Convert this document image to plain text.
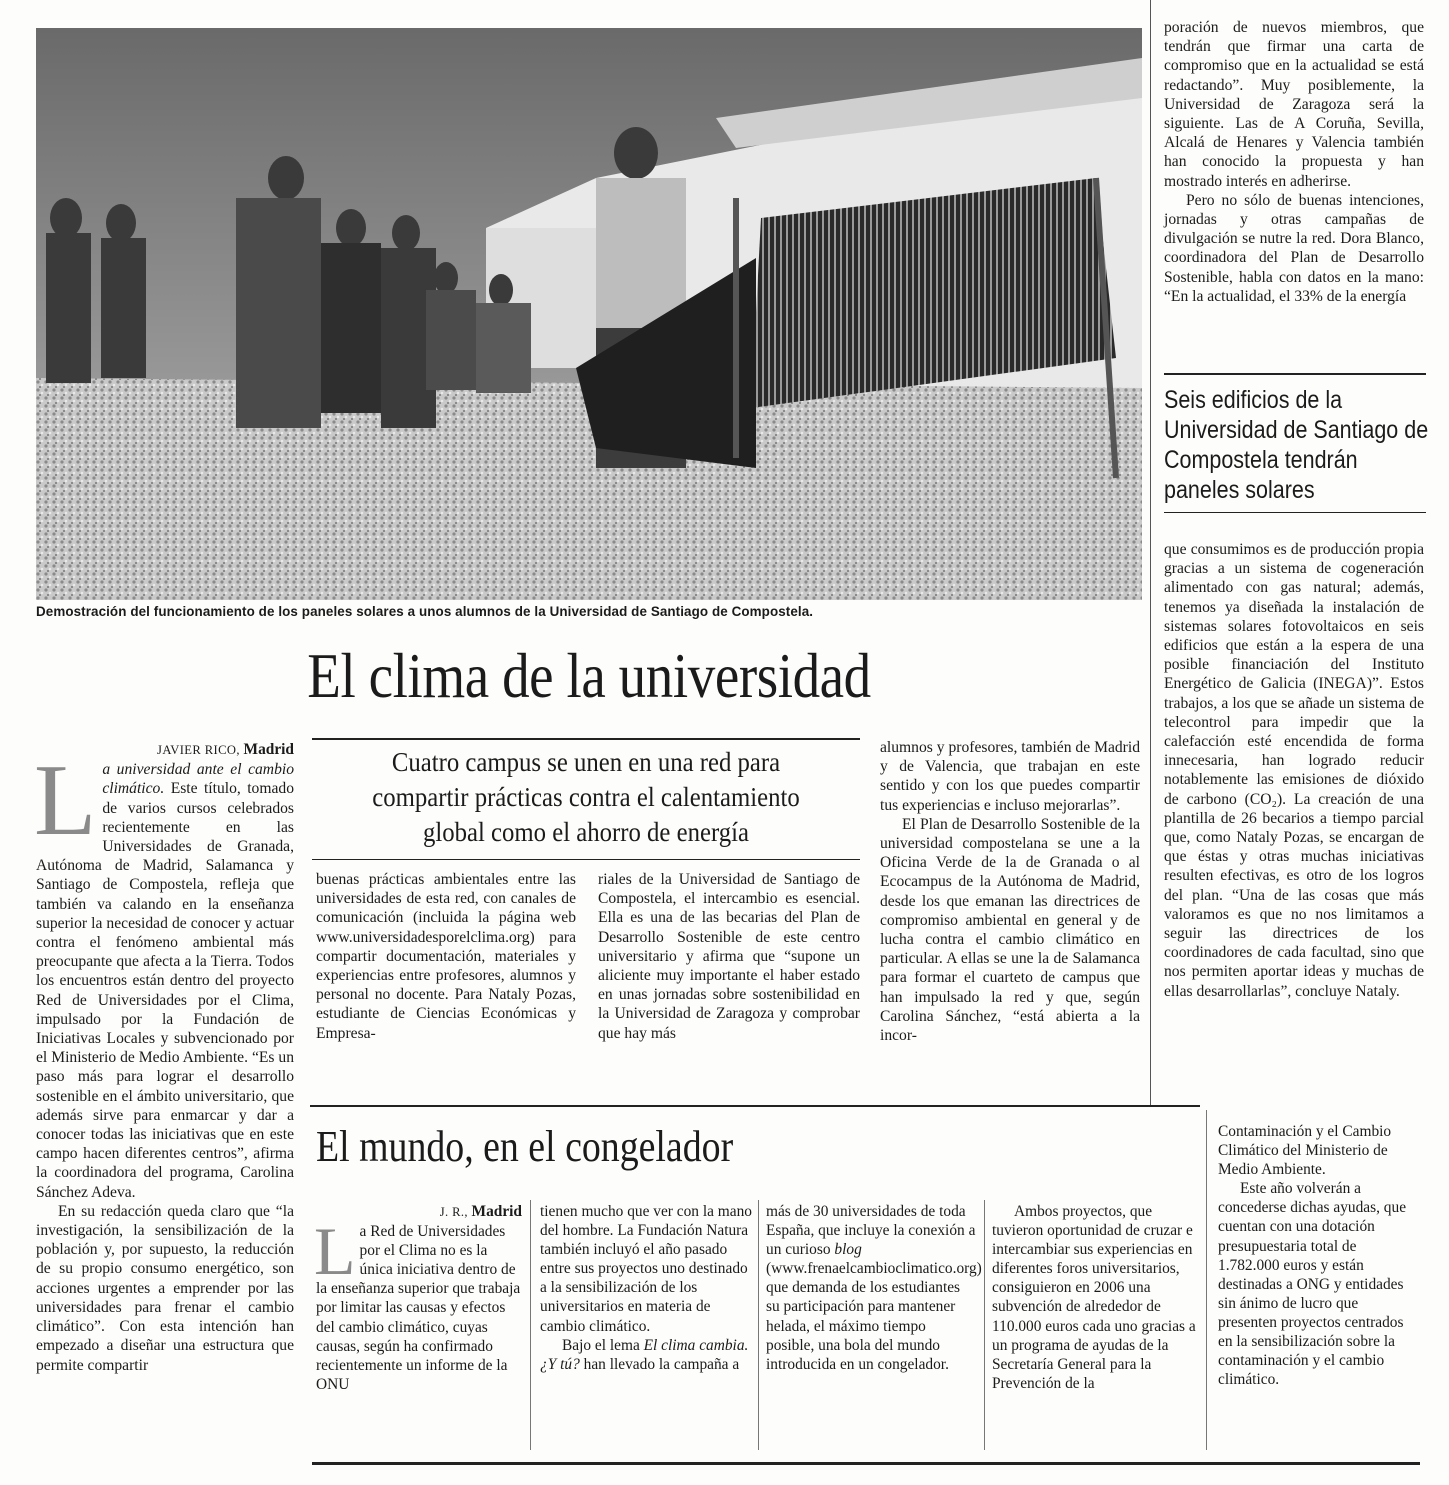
Demostración del funcionamiento de los paneles solares a unos alumnos de la Universidad de Santiago de Compostela.
El clima de la universidad
Cuatro campus se unen en una red para
compartir prácticas contra el calentamiento
global como el ahorro de energía
JAVIER RICO, Madrid

L a universidad ante el cambio climático. Este título, tomado de varios cursos celebrados recientemente en las Universidades de Granada, Autónoma de Madrid, Salamanca y Santiago de Compostela, refleja que también va calando en la enseñanza superior la necesidad de conocer y actuar contra el fenómeno ambiental más preocupante que afecta a la Tierra. Todos los encuentros están dentro del proyecto Red de Universidades por el Clima, impulsado por la Fundación de Iniciativas Locales y subvencionado por el Ministerio de Medio Ambiente. “Es un paso más para lograr el desarrollo sostenible en el ámbito universitario, que además sirve para enmarcar y dar a conocer todas las iniciativas que en este campo hacen diferentes centros”, afirma la coordinadora del programa, Carolina Sánchez Adeva.

En su redacción queda claro que “la investigación, la sensibilización de la población y, por supuesto, la reducción de su propio consumo energético, son acciones urgentes a emprender por las universidades para frenar el cambio climático”. Con esta intención han empezado a diseñar una estructura que permite compartir

buenas prácticas ambientales entre las universidades de esta red, con canales de comunicación (incluida la página web www.universidadesporelclima.org) para compartir documentación, materiales y experiencias entre profesores, alumnos y personal no docente. Para Nataly Pozas, estudiante de Ciencias Económicas y Empresa-

riales de la Universidad de Santiago de Compostela, el intercambio es esencial. Ella es una de las becarias del Plan de Desarrollo Sostenible de este centro universitario y afirma que “supone un aliciente muy importante el haber estado en unas jornadas sobre sostenibilidad en la Universidad de Zaragoza y comprobar que hay más

alumnos y profesores, también de Madrid y de Valencia, que trabajan en este sentido y con los que puedes compartir tus experiencias e incluso mejorarlas”.

El Plan de Desarrollo Sostenible de la universidad compostelana se une a la Oficina Verde de la de Granada o al Ecocampus de la Autónoma de Madrid, desde los que emanan las directrices de compromiso ambiental en general y de lucha contra el cambio climático en particular. A ellas se une la de Salamanca para formar el cuarteto de campus que han impulsado la red y que, según Carolina Sánchez, “está abierta a la incor-

poración de nuevos miembros, que tendrán que firmar una carta de compromiso que en la actualidad se está redactando”. Muy posiblemente, la Universidad de Zaragoza será la siguiente. Las de A Coruña, Sevilla, Alcalá de Henares y Valencia también han conocido la propuesta y han mostrado interés en adherirse.

Pero no sólo de buenas intenciones, jornadas y otras campañas de divulgación se nutre la red. Dora Blanco, coordinadora del Plan de Desarrollo Sostenible, habla con datos en la mano: “En la actualidad, el 33% de la energía

Seis edificios de la Universidad de Santiago de Compostela tendrán paneles solares

que consumimos es de producción propia gracias a un sistema de cogeneración alimentado con gas natural; además, tenemos ya diseñada la instalación de sistemas solares fotovoltaicos en seis edificios que están a la espera de una posible financiación del Instituto Energético de Galicia (INEGA)”. Estos trabajos, a los que se añade un sistema de telecontrol para impedir que la calefacción esté encendida de forma innecesaria, han logrado reducir notablemente las emisiones de dióxido de carbono (CO₂). La creación de una plantilla de 26 becarios a tiempo parcial que, como Nataly Pozas, se encargan de que éstas y otras muchas iniciativas resulten efectivas, es otro de los logros del plan. “Una de las cosas que más valoramos es que no nos limitamos a seguir las directrices de los coordinadores de cada facultad, sino que nos permiten aportar ideas y muchas de ellas desarrollarlas”, concluye Nataly.

El mundo, en el congelador
J. R., Madrid

L a Red de Universidades por el Clima no es la única iniciativa dentro de la enseñanza superior que trabaja por limitar las causas y efectos del cambio climático, cuyas causas, según ha confirmado recientemente un informe de la ONU

tienen mucho que ver con la mano del hombre. La Fundación Natura también incluyó el año pasado entre sus proyectos uno destinado a la sensibilización de los universitarios en materia de cambio climático.

Bajo el lema El clima cambia. ¿Y tú? han llevado la campaña a

más de 30 universidades de toda España, que incluye la conexión a un curioso blog (www.frenaelcambioclimatico.org) que demanda de los estudiantes su participación para mantener helada, el máximo tiempo posible, una bola del mundo introducida en un congelador.

Ambos proyectos, que tuvieron oportunidad de cruzar e intercambiar sus experiencias en diferentes foros universitarios, consiguieron en 2006 una subvención de alrededor de 110.000 euros cada uno gracias a un programa de ayudas de la Secretaría General para la Prevención de la

Contaminación y el Cambio Climático del Ministerio de Medio Ambiente.

Este año volverán a concederse dichas ayudas, que cuentan con una dotación presupuestaria total de 1.782.000 euros y están destinadas a ONG y entidades sin ánimo de lucro que presenten proyectos centrados en la sensibilización sobre la contaminación y el cambio climático.
